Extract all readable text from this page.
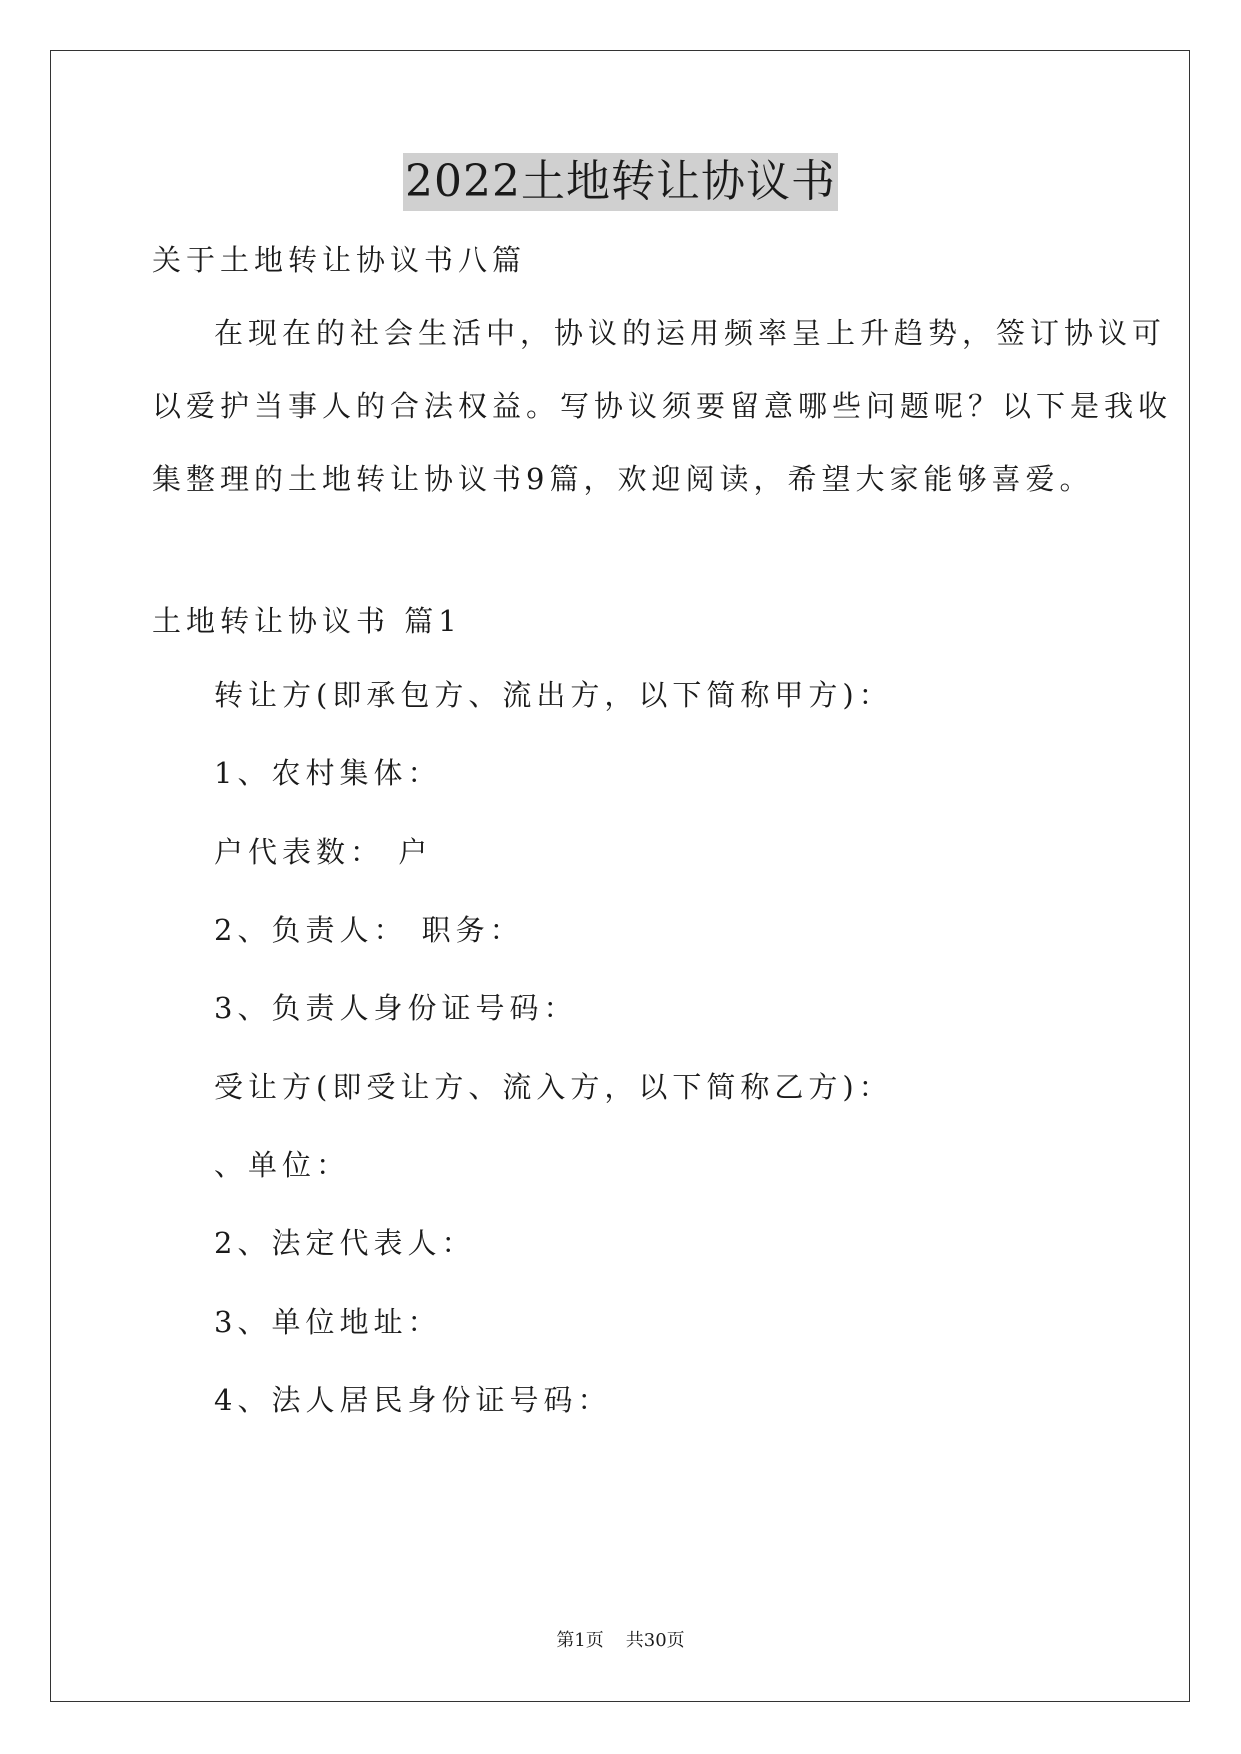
2022土地转让协议书

关于土地转让协议书八篇

在现在的社会生活中，协议的运用频率呈上升趋势，签订协议可

以爱护当事人的合法权益。写协议须要留意哪些问题呢？以下是我收

集整理的土地转让协议书9篇，欢迎阅读，希望大家能够喜爱。

土地转让协议书 篇1

转让方(即承包方、流出方，以下简称甲方)：

1、农村集体：

户代表数： 户

2、负责人： 职务：

3、负责人身份证号码：

受让方(即受让方、流入方，以下简称乙方)：

、单位：

2、法定代表人：

3、单位地址：

4、法人居民身份证号码：

第1页 共30页
